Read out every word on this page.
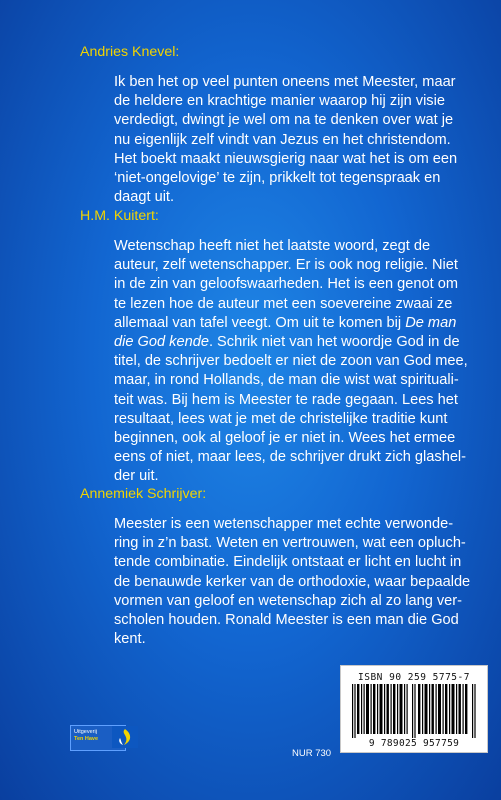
Andries Knevel:
Ik ben het op veel punten oneens met Meester, maar
de heldere en krachtige manier waarop hij zijn visie
verdedigt, dwingt je wel om na te denken over wat je
nu eigenlijk zelf vindt van Jezus en het christendom.
Het boekt maakt nieuwsgierig naar wat het is om een
‘niet-ongelovige’ te zijn, prikkelt tot tegenspraak en
daagt uit.
H.M. Kuitert:
Wetenschap heeft niet het laatste woord, zegt de
auteur, zelf wetenschapper. Er is ook nog religie. Niet
in de zin van geloofswaarheden. Het is een genot om
te lezen hoe de auteur met een soevereine zwaai ze
allemaal van tafel veegt. Om uit te komen bij De man
die God kende. Schrik niet van het woordje God in de
titel, de schrijver bedoelt er niet de zoon van God mee,
maar, in rond Hollands, de man die wist wat spirituali-
teit was. Bij hem is Meester te rade gegaan. Lees het
resultaat, lees wat je met de christelijke traditie kunt
beginnen, ook al geloof je er niet in. Wees het ermee
eens of niet, maar lees, de schrijver drukt zich glashel-
der uit.
Annemiek Schrijver:
Meester is een wetenschapper met echte verwonde-
ring in z’n bast. Weten en vertrouwen, wat een opluch-
tende combinatie. Eindelijk ontstaat er licht en lucht in
de benauwde kerker van de orthodoxie, waar bepaalde
vormen van geloof en wetenschap zich al zo lang ver-
scholen houden. Ronald Meester is een man die God
kent.
Uitgeverij
Ten Have
NUR 730
ISBN 90 259 5775-7
9 789025 957759
